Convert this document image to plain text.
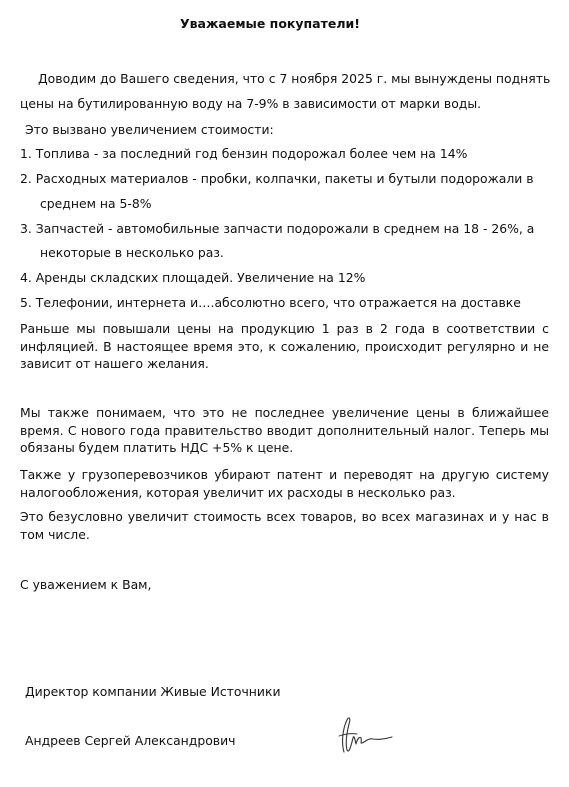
Уважаемые покупатели!
Доводим до Вашего сведения, что с 7 ноября 2025 г. мы вынуждены поднять
цены на бутилированную воду на 7-9% в зависимости от марки воды.
Это вызвано увеличением стоимости:
1. Топлива - за последний год бензин подорожал более чем на 14%
2. Расходных материалов - пробки, колпачки, пакеты и бутыли подорожали в
среднем на 5-8%
3. Запчастей - автомобильные запчасти подорожали в среднем на 18 - 26%, а
некоторые в несколько раз.
4. Аренды складских площадей. Увеличение на 12%
5. Телефонии, интернета и….абсолютно всего, что отражается на доставке
Раньше мы повышали цены на продукцию 1 раз в 2 года в соответствии с инфляцией. В настоящее время это, к сожалению, происходит регулярно и не зависит от нашего желания.
Мы также понимаем, что это не последнее увеличение цены в ближайшее время. С нового года правительство вводит дополнительный налог. Теперь мы обязаны будем платить НДС +5% к цене.
Также у грузоперевозчиков убирают патент и переводят на другую систему налогообложения, которая увеличит их расходы в несколько раз.
Это безусловно увеличит стоимость всех товаров, во всех магазинах и у нас в том числе.
С уважением к Вам,
Директор компании Живые Источники
Андреев Сергей Александрович
